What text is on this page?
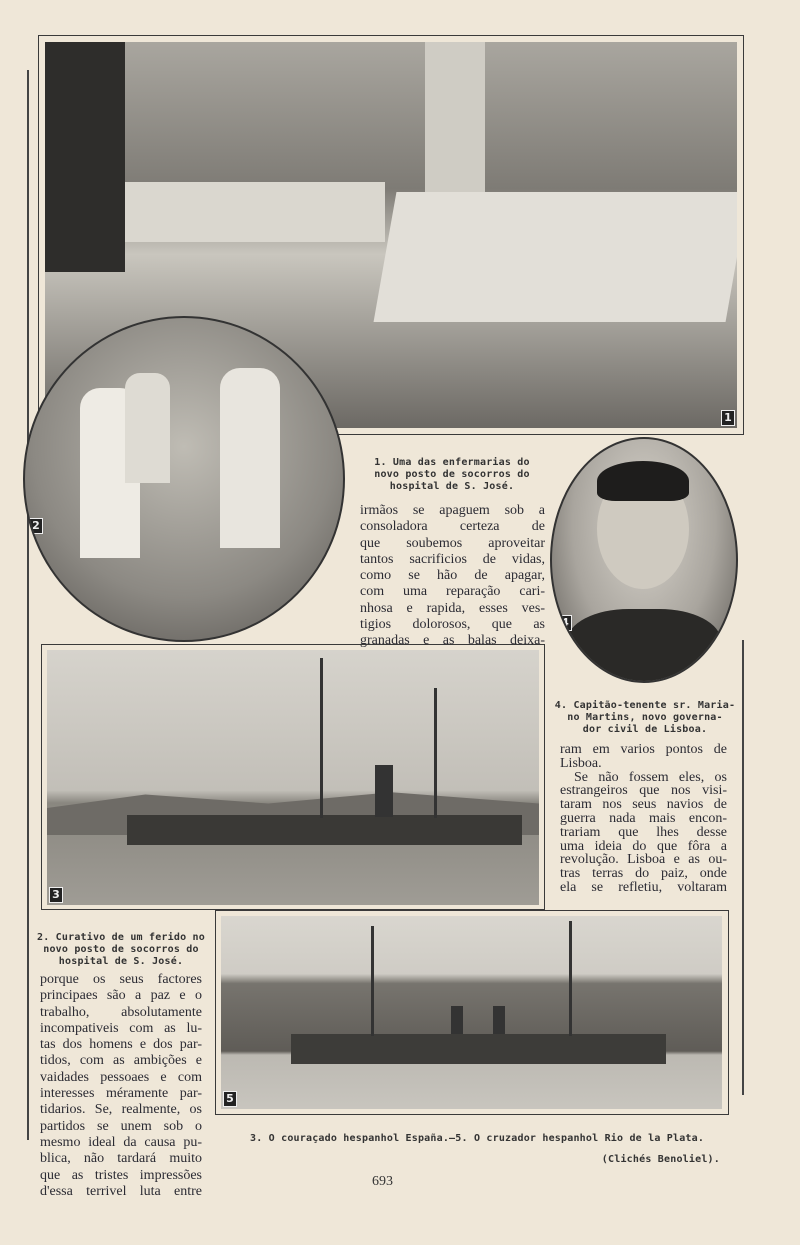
1
2
4
1. Uma das enfermarias do
novo posto de socorros do
hospital de S. José.
irmãos se apaguem sob a
consoladora certeza de
que soubemos aproveitar
tantos sacrificios de vidas,
como se hão de apagar,
com uma reparação cari-
nhosa e rapida, esses ves-
tigios dolorosos, que as
granadas e as balas deixa-
3
4. Capitão-tenente sr. Maria-
no Martins, novo governa-
dor civil de Lisboa.
ram em varios pontos de
Lisboa.
Se não fossem eles, os
estrangeiros que nos visi-
taram nos seus navios de
guerra nada mais encon-
trariam que lhes desse
uma ideia do que fôra a
revolução. Lisboa e as ou-
tras terras do paiz, onde
ela se refletiu, voltaram
2. Curativo de um ferido no
novo posto de socorros do
hospital de S. José.
porque os seus factores
principaes são a paz e o
trabalho, absolutamente
incompativeis com as lu-
tas dos homens e dos par-
tidos, com as ambições e
vaidades pessoaes e com
interesses méramente par-
tidarios. Se, realmente, os
partidos se unem sob o
mesmo ideal da causa pu-
blica, não tardará muito
que as tristes impressões
d'essa terrivel luta entre
5
3. O couraçado hespanhol España.—5. O cruzador hespanhol Rio de la Plata.
(Clichés Benoliel).
693
